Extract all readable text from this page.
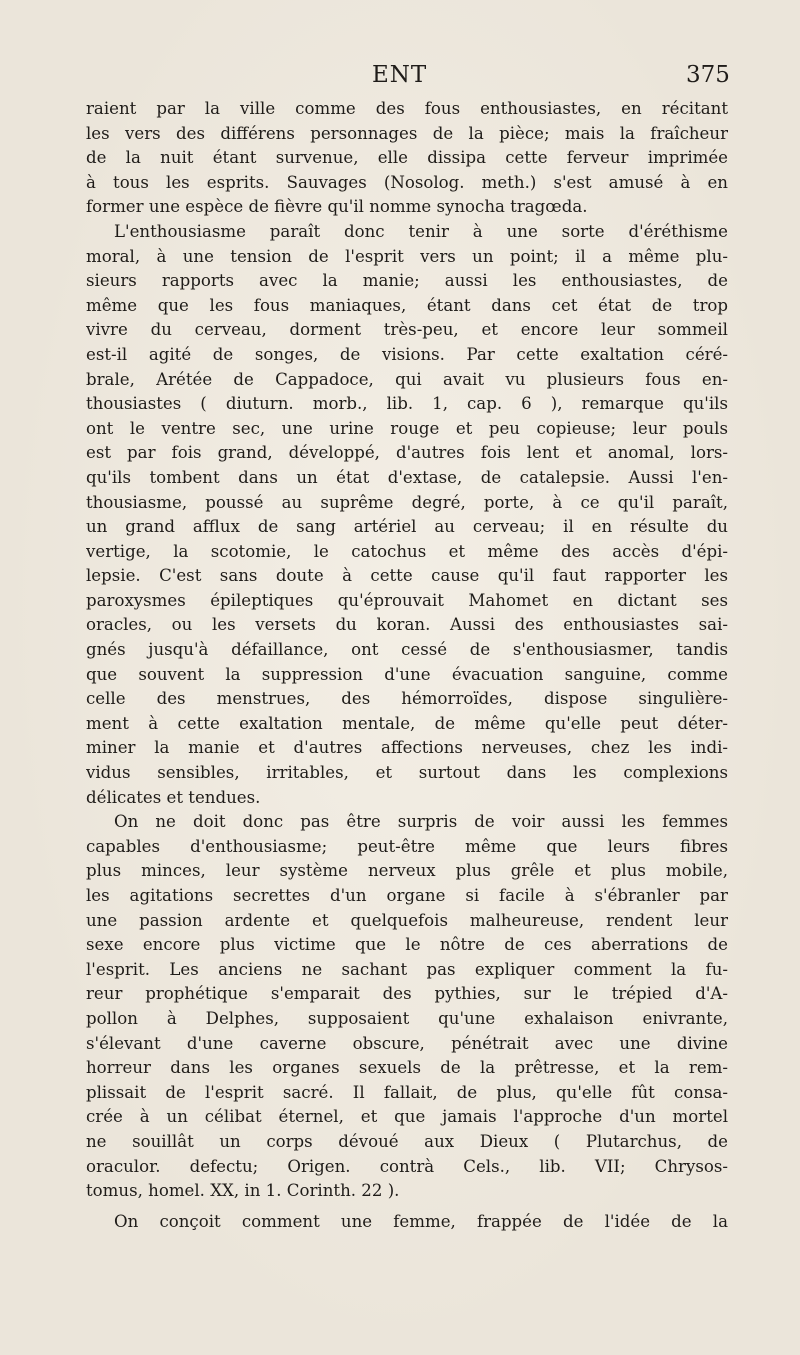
ENT	375
raient par la ville comme des fous enthousiastes, en récitant
les vers des différens personnages de la pièce; mais la fraîcheur
de la nuit étant survenue, elle dissipa cette ferveur imprimée
à tous les esprits. Sauvages (Nosolog. meth.) s'est amusé à en
former une espèce de fièvre qu'il nomme synocha tragœda.
L'enthousiasme paraît donc tenir à une sorte d'éréthisme
moral, à une tension de l'esprit vers un point; il a même plu-
sieurs rapports avec la manie; aussi les enthousiastes, de
même que les fous maniaques, étant dans cet état de trop
vivre du cerveau, dorment très-peu, et encore leur sommeil
est-il agité de songes, de visions. Par cette exaltation céré-
brale, Arétée de Cappadoce, qui avait vu plusieurs fous en-
thousiastes ( diuturn. morb., lib. 1, cap. 6 ), remarque qu'ils
ont le ventre sec, une urine rouge et peu copieuse; leur pouls
est par fois grand, développé, d'autres fois lent et anomal, lors-
qu'ils tombent dans un état d'extase, de catalepsie. Aussi l'en-
thousiasme, poussé au suprême degré, porte, à ce qu'il paraît,
un grand afflux de sang artériel au cerveau; il en résulte du
vertige, la scotomie, le catochus et même des accès d'épi-
lepsie. C'est sans doute à cette cause qu'il faut rapporter les
paroxysmes épileptiques qu'éprouvait Mahomet en dictant ses
oracles, ou les versets du koran. Aussi des enthousiastes sai-
gnés jusqu'à défaillance, ont cessé de s'enthousiasmer, tandis
que souvent la suppression d'une évacuation sanguine, comme
celle des menstrues, des hémorroïdes, dispose singulière-
ment à cette exaltation mentale, de même qu'elle peut déter-
miner la manie et d'autres affections nerveuses, chez les indi-
vidus sensibles, irritables, et surtout dans les complexions
délicates et tendues.
On ne doit donc pas être surpris de voir aussi les femmes
capables d'enthousiasme; peut-être même que leurs fibres
plus minces, leur système nerveux plus grêle et plus mobile,
les agitations secrettes d'un organe si facile à s'ébranler par
une passion ardente et quelquefois malheureuse, rendent leur
sexe encore plus victime que le nôtre de ces aberrations de
l'esprit. Les anciens ne sachant pas expliquer comment la fu-
reur prophétique s'emparait des pythies, sur le trépied d'A-
pollon à Delphes, supposaient qu'une exhalaison enivrante,
s'élevant d'une caverne obscure, pénétrait avec une divine
horreur dans les organes sexuels de la prêtresse, et la rem-
plissait de l'esprit sacré. Il fallait, de plus, qu'elle fût consa-
crée à un célibat éternel, et que jamais l'approche d'un mortel
ne souillât un corps dévoué aux Dieux ( Plutarchus, de
oraculor. defectu; Origen. contrà Cels., lib. VII; Chrysos-
tomus, homel. XX, in 1. Corinth. 22 ).
On conçoit comment une femme, frappée de l'idée de la
